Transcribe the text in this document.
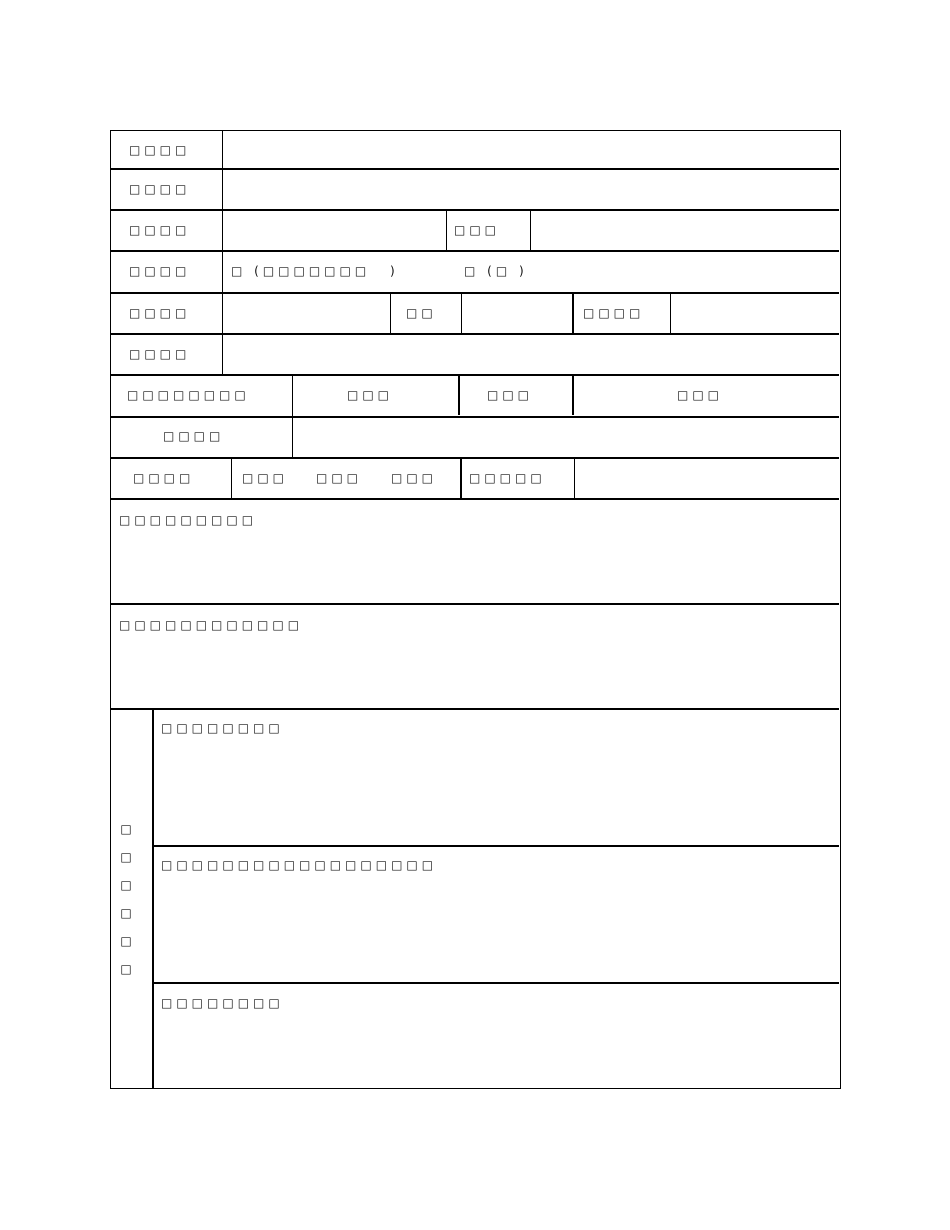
□□□□
□□□□
□□□□	□□□
□□□□	□ (□□□□□□□ )	□ (□ )
□□□□	□□	□□□□
□□□□
□□□□□□□□	□□□	□□□	□□□
□□□□
□□□□	□□□ □□□ □□□	□□□□□
□□□□□□□□□
□□□□□□□□□□□□
□
□
□
□
□
□
□□□□□□□□
□□□□□□□□□□□□□□□□□□
□□□□□□□□
